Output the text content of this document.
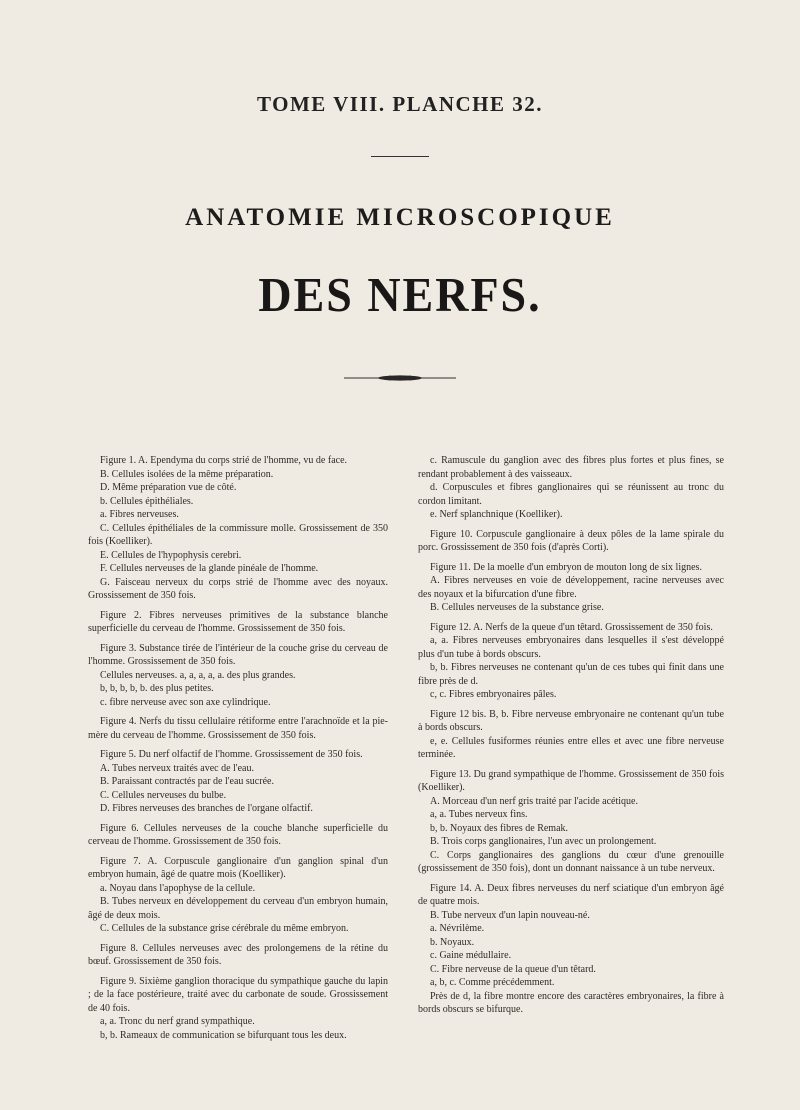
TOME VIII. PLANCHE 32.
ANATOMIE MICROSCOPIQUE
DES NERFS.

Figure 1. A. Ependyma du corps strié de l'homme, vu de face.

B. Cellules isolées de la même préparation.

D. Même préparation vue de côté.

b. Cellules épithéliales.

a. Fibres nerveuses.

C. Cellules épithéliales de la commissure molle. Grossissement de 350 fois (Koelliker).

E. Cellules de l'hypophysis cerebri.

F. Cellules nerveuses de la glande pinéale de l'homme.

G. Faisceau nerveux du corps strié de l'homme avec des noyaux. Grossissement de 350 fois.

Figure 2. Fibres nerveuses primitives de la substance blanche superficielle du cerveau de l'homme. Grossissement de 350 fois.

Figure 3. Substance tirée de l'intérieur de la couche grise du cerveau de l'homme. Grossissement de 350 fois.

Cellules nerveuses. a, a, a, a, a. des plus grandes.

b, b, b, b, b. des plus petites.

c. fibre nerveuse avec son axe cylindrique.

Figure 4. Nerfs du tissu cellulaire rétiforme entre l'arachnoïde et la pie-mère du cerveau de l'homme. Grossissement de 350 fois.

Figure 5. Du nerf olfactif de l'homme. Grossissement de 350 fois.

A. Tubes nerveux traités avec de l'eau.

B. Paraissant contractés par de l'eau sucrée.

C. Cellules nerveuses du bulbe.

D. Fibres nerveuses des branches de l'organe olfactif.

Figure 6. Cellules nerveuses de la couche blanche superficielle du cerveau de l'homme. Grossissement de 350 fois.

Figure 7. A. Corpuscule ganglionaire d'un ganglion spinal d'un embryon humain, âgé de quatre mois (Koelliker).

a. Noyau dans l'apophyse de la cellule.

B. Tubes nerveux en développement du cerveau d'un embryon humain, âgé de deux mois.

C. Cellules de la substance grise cérébrale du même embryon.

Figure 8. Cellules nerveuses avec des prolongemens de la rétine du bœuf. Grossissement de 350 fois.

Figure 9. Sixième ganglion thoracique du sympathique gauche du lapin ; de la face postérieure, traité avec du carbonate de soude. Grossissement de 40 fois.

a, a. Tronc du nerf grand sympathique.

b, b. Rameaux de communication se bifurquant tous les deux.

c. Ramuscule du ganglion avec des fibres plus fortes et plus fines, se rendant probablement à des vaisseaux.

d. Corpuscules et fibres ganglionaires qui se réunissent au tronc du cordon limitant.

e. Nerf splanchnique (Koelliker).

Figure 10. Corpuscule ganglionaire à deux pôles de la lame spirale du porc. Grossissement de 350 fois (d'après Corti).

Figure 11. De la moelle d'un embryon de mouton long de six lignes.

A. Fibres nerveuses en voie de développement, racine nerveuses avec des noyaux et la bifurcation d'une fibre.

B. Cellules nerveuses de la substance grise.

Figure 12. A. Nerfs de la queue d'un têtard. Grossissement de 350 fois.

a, a. Fibres nerveuses embryonaires dans lesquelles il s'est développé plus d'un tube à bords obscurs.

b, b. Fibres nerveuses ne contenant qu'un de ces tubes qui finit dans une fibre près de d.

c, c. Fibres embryonaires pâles.

Figure 12 bis. B, b. Fibre nerveuse embryonaire ne contenant qu'un tube à bords obscurs.

e, e. Cellules fusiformes réunies entre elles et avec une fibre nerveuse terminée.

Figure 13. Du grand sympathique de l'homme. Grossissement de 350 fois (Koelliker).

A. Morceau d'un nerf gris traité par l'acide acétique.

a, a. Tubes nerveux fins.

b, b. Noyaux des fibres de Remak.

B. Trois corps ganglionaires, l'un avec un prolongement.

C. Corps ganglionaires des ganglions du cœur d'une grenouille (grossissement de 350 fois), dont un donnant naissance à un tube nerveux.

Figure 14. A. Deux fibres nerveuses du nerf sciatique d'un embryon âgé de quatre mois.

B. Tube nerveux d'un lapin nouveau-né.

a. Névrilème.

b. Noyaux.

c. Gaine médullaire.

C. Fibre nerveuse de la queue d'un têtard.

a, b, c. Comme précédemment.

Près de d, la fibre montre encore des caractères embryonaires, la fibre à bords obscurs se bifurque.
